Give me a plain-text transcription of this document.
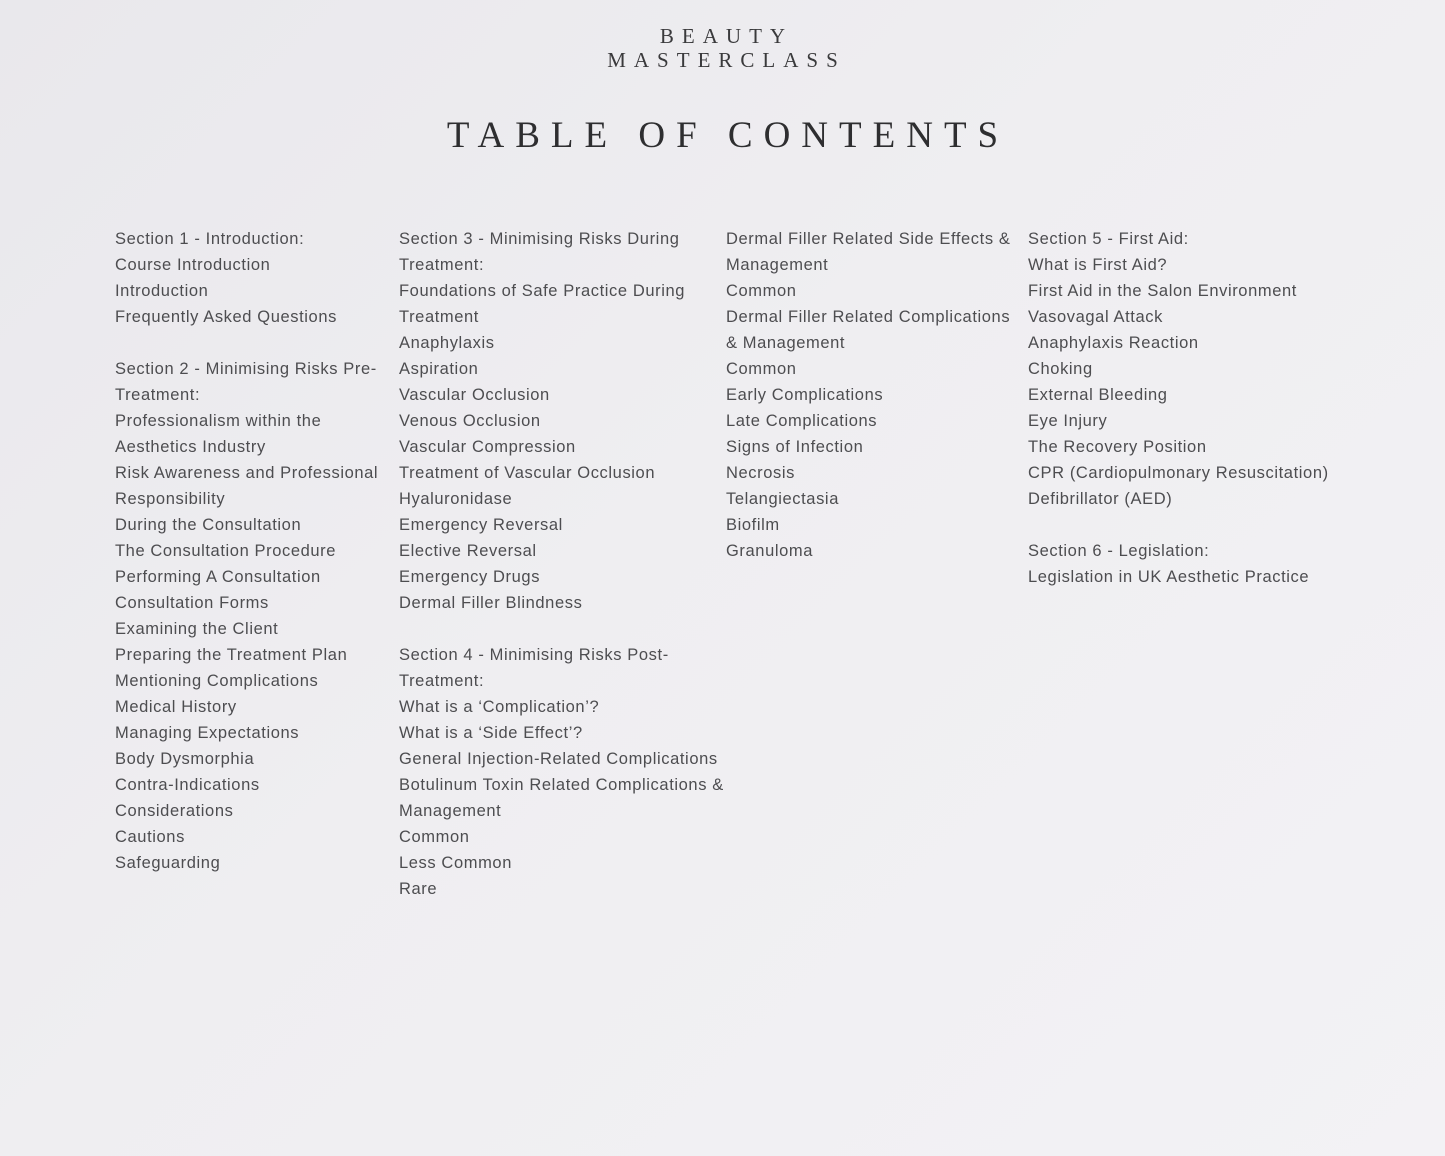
BEAUTY
MASTERCLASS
TABLE OF CONTENTS
Section 1 - Introduction:
Course Introduction
Introduction
Frequently Asked Questions
Section 2 - Minimising Risks Pre-
Treatment:
Professionalism within the
Aesthetics Industry
Risk Awareness and Professional
Responsibility
During the Consultation
The Consultation Procedure
Performing A Consultation
Consultation Forms
Examining the Client
Preparing the Treatment Plan
Mentioning Complications
Medical History
Managing Expectations
Body Dysmorphia
Contra-Indications
Considerations
Cautions
Safeguarding
Section 3 - Minimising Risks During
Treatment:
Foundations of Safe Practice During
Treatment
Anaphylaxis
Aspiration
Vascular Occlusion
Venous Occlusion
Vascular Compression
Treatment of Vascular Occlusion
Hyaluronidase
Emergency Reversal
Elective Reversal
Emergency Drugs
Dermal Filler Blindness
Section 4 - Minimising Risks Post-
Treatment:
What is a ‘Complication’?
What is a ‘Side Effect’?
General Injection-Related Complications
Botulinum Toxin Related Complications &
Management
Common
Less Common
Rare
Dermal Filler Related Side Effects &
Management
Common
Dermal Filler Related Complications
& Management
Common
Early Complications
Late Complications
Signs of Infection
Necrosis
Telangiectasia
Biofilm
Granuloma
Section 5 - First Aid:
What is First Aid?
First Aid in the Salon Environment
Vasovagal Attack
Anaphylaxis Reaction
Choking
External Bleeding
Eye Injury
The Recovery Position
CPR (Cardiopulmonary Resuscitation)
Defibrillator (AED)
Section 6 - Legislation:
Legislation in UK Aesthetic Practice
